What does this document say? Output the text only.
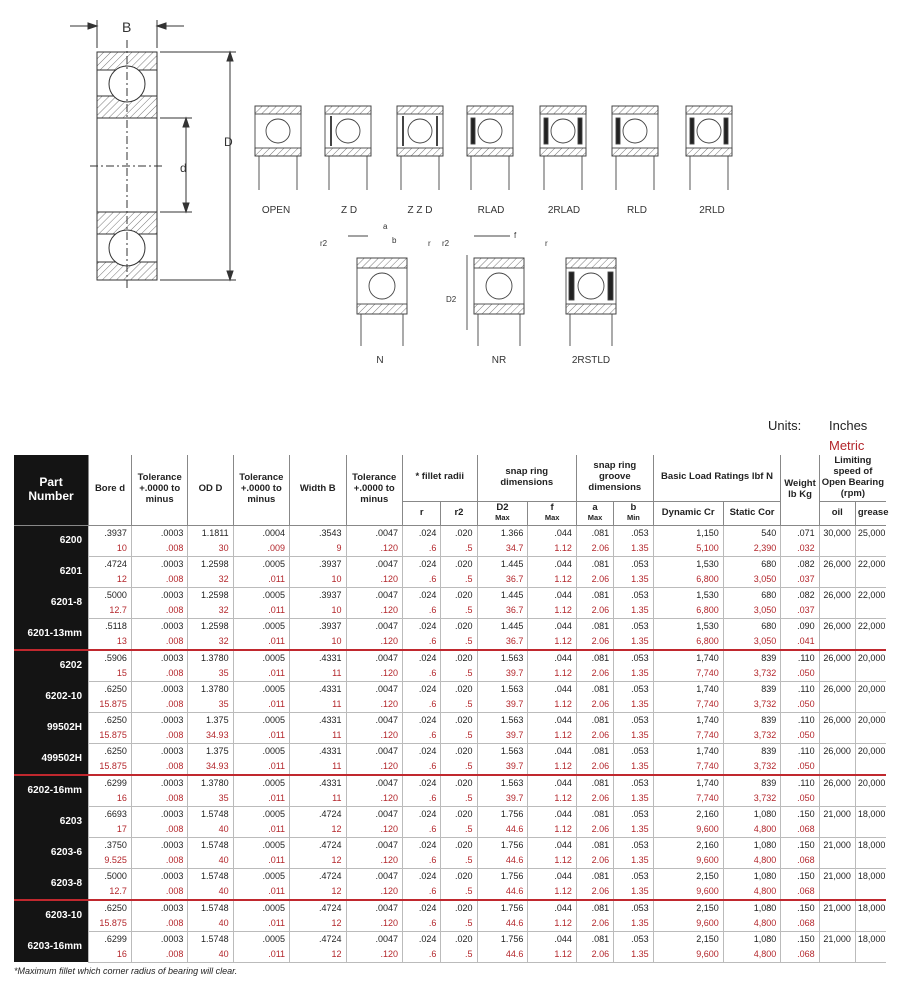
B
D
d
OPEN	Z D	Z Z D	RLAD	2RLAD	RLD	2RLD
a
b
r2	r r2
f
r
D2
N	NR	2RSTLD
Units: Inches
Metric
Part Number	Bore d	Tolerance +.0000 to minus	OD D	Tolerance +.0000 to minus	Width B	Tolerance +.0000 to minus	* fillet radii		snap ring dimensions		snap ring groove dimensions		Basic Load Ratings lbf N		Weight lb Kg	Limiting speed of Open Bearing (rpm)	
							r	r2	D2
Max	f
Max	a
Max	b
Min	Dynamic Cr	Static Cor		oil	grease
6200	.3937	.0003	1.1811	.0004	.3543	.0047	.024	.020	1.366	.044	.081	.053	1,150	540	.071	30,000	25,000
	10	.008	30	.009	9	.120	.6	.5	34.7	1.12	2.06	1.35	5,100	2,390	.032		
6201	.4724	.0003	1.2598	.0005	.3937	.0047	.024	.020	1.445	.044	.081	.053	1,530	680	.082	26,000	22,000
	12	.008	32	.011	10	.120	.6	.5	36.7	1.12	2.06	1.35	6,800	3,050	.037		
6201-8	.5000	.0003	1.2598	.0005	.3937	.0047	.024	.020	1.445	.044	.081	.053	1,530	680	.082	26,000	22,000
	12.7	.008	32	.011	10	.120	.6	.5	36.7	1.12	2.06	1.35	6,800	3,050	.037		
6201-13mm	.5118	.0003	1.2598	.0005	.3937	.0047	.024	.020	1.445	.044	.081	.053	1,530	680	.090	26,000	22,000
	13	.008	32	.011	10	.120	.6	.5	36.7	1.12	2.06	1.35	6,800	3,050	.041		
6202	.5906	.0003	1.3780	.0005	.4331	.0047	.024	.020	1.563	.044	.081	.053	1,740	839	.110	26,000	20,000
	15	.008	35	.011	11	.120	.6	.5	39.7	1.12	2.06	1.35	7,740	3,732	.050		
6202-10	.6250	.0003	1.3780	.0005	.4331	.0047	.024	.020	1.563	.044	.081	.053	1,740	839	.110	26,000	20,000
	15.875	.008	35	.011	11	.120	.6	.5	39.7	1.12	2.06	1.35	7,740	3,732	.050		
99502H	.6250	.0003	1.375	.0005	.4331	.0047	.024	.020	1.563	.044	.081	.053	1,740	839	.110	26,000	20,000
	15.875	.008	34.93	.011	11	.120	.6	.5	39.7	1.12	2.06	1.35	7,740	3,732	.050		
499502H	.6250	.0003	1.375	.0005	.4331	.0047	.024	.020	1.563	.044	.081	.053	1,740	839	.110	26,000	20,000
	15.875	.008	34.93	.011	11	.120	.6	.5	39.7	1.12	2.06	1.35	7,740	3,732	.050		
6202-16mm	.6299	.0003	1.3780	.0005	.4331	.0047	.024	.020	1.563	.044	.081	.053	1,740	839	.110	26,000	20,000
	16	.008	35	.011	11	.120	.6	.5	39.7	1.12	2.06	1.35	7,740	3,732	.050		
6203	.6693	.0003	1.5748	.0005	.4724	.0047	.024	.020	1.756	.044	.081	.053	2,160	1,080	.150	21,000	18,000
	17	.008	40	.011	12	.120	.6	.5	44.6	1.12	2.06	1.35	9,600	4,800	.068		
6203-6	.3750	.0003	1.5748	.0005	.4724	.0047	.024	.020	1.756	.044	.081	.053	2,160	1,080	.150	21,000	18,000
	9.525	.008	40	.011	12	.120	.6	.5	44.6	1.12	2.06	1.35	9,600	4,800	.068		
6203-8	.5000	.0003	1.5748	.0005	.4724	.0047	.024	.020	1.756	.044	.081	.053	2,150	1,080	.150	21,000	18,000
	12.7	.008	40	.011	12	.120	.6	.5	44.6	1.12	2.06	1.35	9,600	4,800	.068		
6203-10	.6250	.0003	1.5748	.0005	.4724	.0047	.024	.020	1.756	.044	.081	.053	2,150	1,080	.150	21,000	18,000
	15.875	.008	40	.011	12	.120	.6	.5	44.6	1.12	2.06	1.35	9,600	4,800	.068		
6203-16mm	.6299	.0003	1.5748	.0005	.4724	.0047	.024	.020	1.756	.044	.081	.053	2,150	1,080	.150	21,000	18,000
	16	.008	40	.011	12	.120	.6	.5	44.6	1.12	2.06	1.35	9,600	4,800	.068		
*Maximum fillet which corner radius of bearing will clear.
